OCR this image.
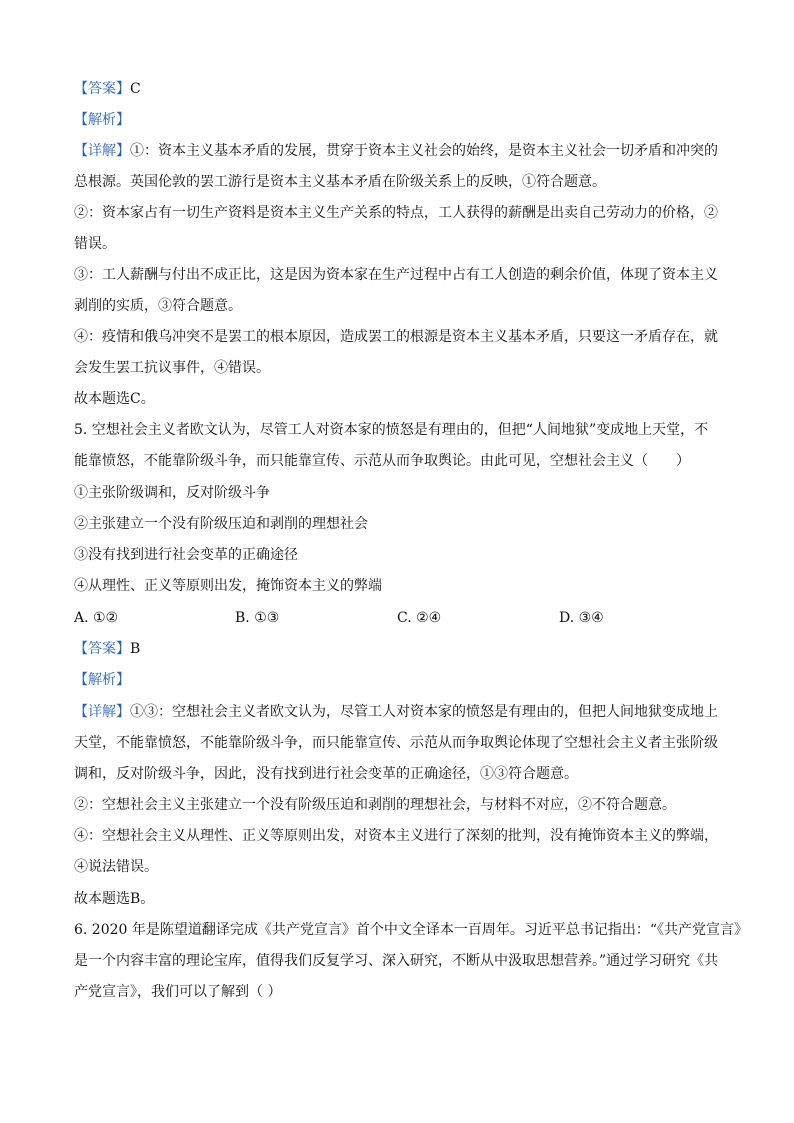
【答案】C
【解析】
【详解】①：资本主义基本矛盾的发展，贯穿于资本主义社会的始终，是资本主义社会一切矛盾和冲突的
总根源。英国伦敦的罢工游行是资本主义基本矛盾在阶级关系上的反映，①符合题意。
②：资本家占有一切生产资料是资本主义生产关系的特点，工人获得的薪酬是出卖自己劳动力的价格，②
错误。
③：工人薪酬与付出不成正比，这是因为资本家在生产过程中占有工人创造的剩余价值，体现了资本主义
剥削的实质，③符合题意。
④：疫情和俄乌冲突不是罢工的根本原因，造成罢工的根源是资本主义基本矛盾，只要这一矛盾存在，就
会发生罢工抗议事件，④错误。
故本题选C。
5. 空想社会主义者欧文认为，尽管工人对资本家的愤怒是有理由的，但把“人间地狱”变成地上天堂，不
能靠愤怒，不能靠阶级斗争，而只能靠宣传、示范从而争取舆论。由此可见，空想社会主义（　　）
①主张阶级调和，反对阶级斗争
②主张建立一个没有阶级压迫和剥削的理想社会
③没有找到进行社会变革的正确途径
④从理性、正义等原则出发，掩饰资本主义的弊端
A. ①②	B. ①③	C. ②④	D. ③④
【答案】B
【解析】
【详解】①③：空想社会主义者欧文认为，尽管工人对资本家的愤怒是有理由的，但把人间地狱变成地上
天堂，不能靠愤怒，不能靠阶级斗争，而只能靠宣传、示范从而争取舆论体现了空想社会主义者主张阶级
调和，反对阶级斗争，因此，没有找到进行社会变革的正确途径，①③符合题意。
②：空想社会主义主张建立一个没有阶级压迫和剥削的理想社会，与材料不对应，②不符合题意。
④：空想社会主义从理性、正义等原则出发，对资本主义进行了深刻的批判，没有掩饰资本主义的弊端，
④说法错误。
故本题选B。
6. 2020 年是陈望道翻译完成《共产党宣言》首个中文全译本一百周年。习近平总书记指出：“《共产党宣言》
是一个内容丰富的理论宝库，值得我们反复学习、深入研究，不断从中汲取思想营养。”通过学习研究《共
产党宣言》，我们可以了解到（ ）
